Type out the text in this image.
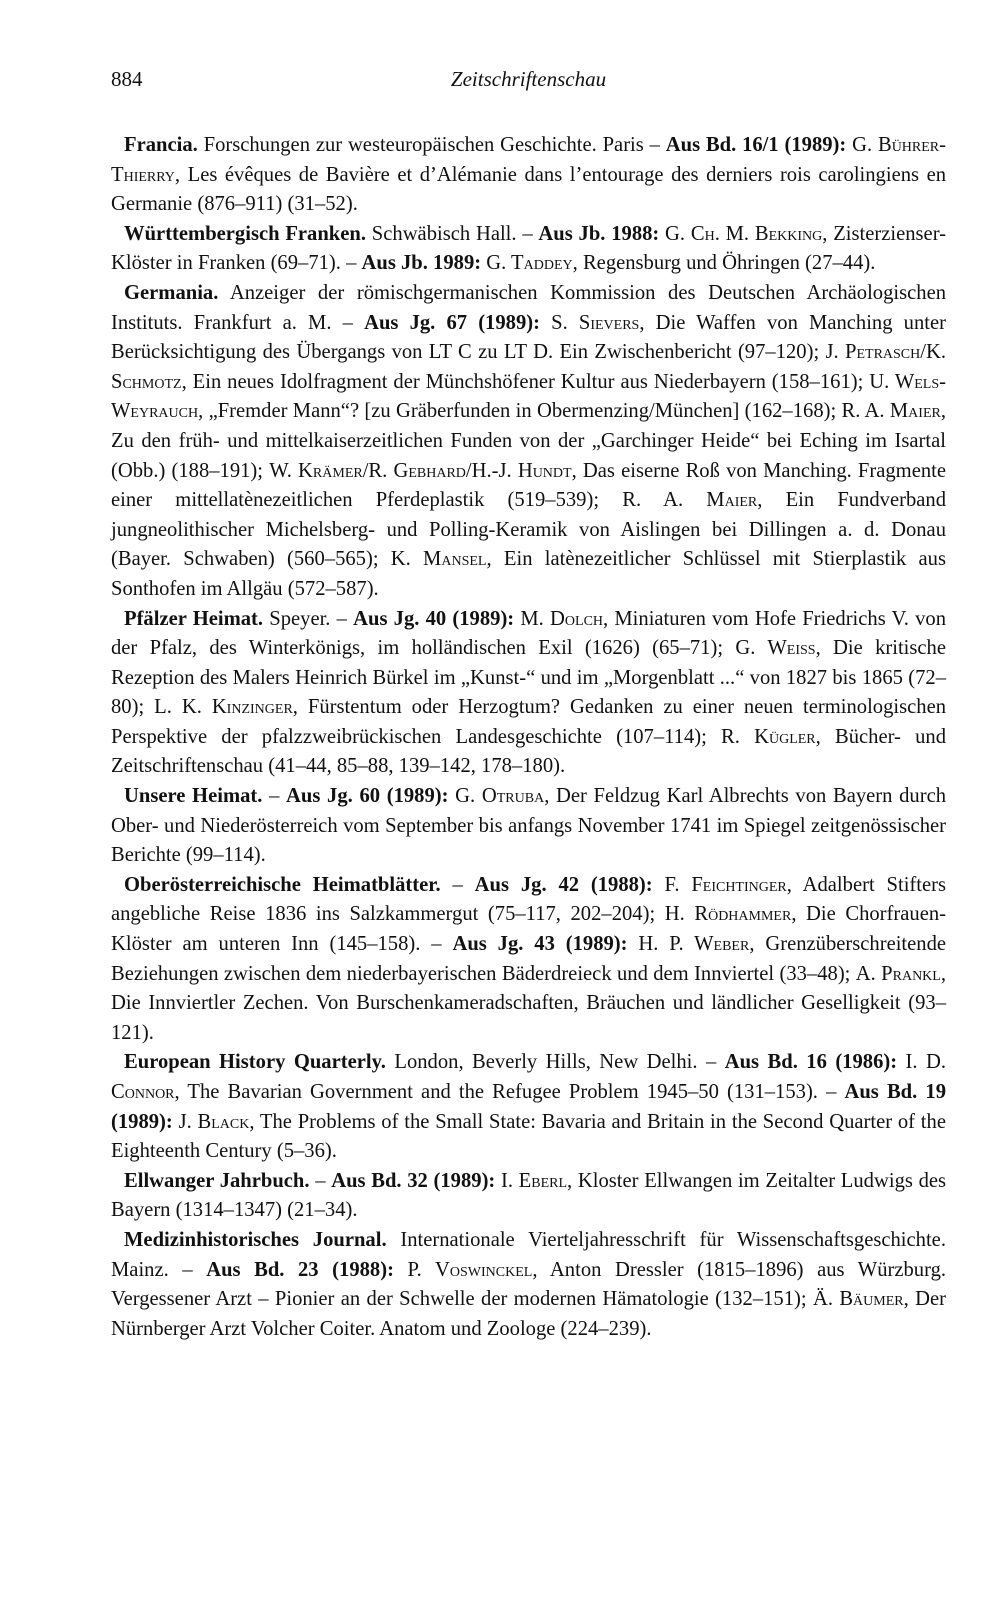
884	Zeitschriftenschau

Francia. Forschungen zur westeuropäischen Geschichte. Paris – Aus Bd. 16/1 (1989): G. Bührer-Thierry, Les évêques de Bavière et d’Alémanie dans l’entourage des derniers rois carolingiens en Germanie (876–911) (31–52).

Württembergisch Franken. Schwäbisch Hall. – Aus Jb. 1988: G. Ch. M. Bekking, Zisterzienser-Klöster in Franken (69–71). – Aus Jb. 1989: G. Taddey, Regensburg und Öhringen (27–44).

Germania. Anzeiger der römischgermanischen Kommission des Deutschen Archäologischen Instituts. Frankfurt a. M. – Aus Jg. 67 (1989): S. Sievers, Die Waffen von Manching unter Berücksichtigung des Übergangs von LT C zu LT D. Ein Zwischenbericht (97–120); J. Petrasch/K. Schmotz, Ein neues Idolfragment der Münchshöfener Kultur aus Niederbayern (158–161); U. Wels-Weyrauch, „Fremder Mann“? [zu Gräberfunden in Obermenzing/München] (162–168); R. A. Maier, Zu den früh- und mittelkaiserzeitlichen Funden von der „Garchinger Heide“ bei Eching im Isartal (Obb.) (188–191); W. Krämer/R. Gebhard/H.-J. Hundt, Das eiserne Roß von Manching. Fragmente einer mittellatènezeitlichen Pferdeplastik (519–539); R. A. Maier, Ein Fundverband jungneolithischer Michelsberg- und Polling-Keramik von Aislingen bei Dillingen a. d. Donau (Bayer. Schwaben) (560–565); K. Mansel, Ein latènezeitlicher Schlüssel mit Stierplastik aus Sonthofen im Allgäu (572–587).

Pfälzer Heimat. Speyer. – Aus Jg. 40 (1989): M. Dolch, Miniaturen vom Hofe Friedrichs V. von der Pfalz, des Winterkönigs, im holländischen Exil (1626) (65–71); G. Weiss, Die kritische Rezeption des Malers Heinrich Bürkel im „Kunst-“ und im „Morgenblatt ...“ von 1827 bis 1865 (72–80); L. K. Kinzinger, Fürstentum oder Herzogtum? Gedanken zu einer neuen terminologischen Perspektive der pfalzzweibrückischen Landesgeschichte (107–114); R. Kügler, Bücher- und Zeitschriftenschau (41–44, 85–88, 139–142, 178–180).

Unsere Heimat. – Aus Jg. 60 (1989): G. Otruba, Der Feldzug Karl Albrechts von Bayern durch Ober- und Niederösterreich vom September bis anfangs November 1741 im Spiegel zeitgenössischer Berichte (99–114).

Oberösterreichische Heimatblätter. – Aus Jg. 42 (1988): F. Feichtinger, Adalbert Stifters angebliche Reise 1836 ins Salzkammergut (75–117, 202–204); H. Rödhammer, Die Chorfrauen-Klöster am unteren Inn (145–158). – Aus Jg. 43 (1989): H. P. Weber, Grenzüberschreitende Beziehungen zwischen dem niederbayerischen Bäderdreieck und dem Innviertel (33–48); A. Prankl, Die Innviertler Zechen. Von Burschenkameradschaften, Bräuchen und ländlicher Geselligkeit (93–121).

European History Quarterly. London, Beverly Hills, New Delhi. – Aus Bd. 16 (1986): I. D. Connor, The Bavarian Government and the Refugee Problem 1945–50 (131–153). – Aus Bd. 19 (1989): J. Black, The Problems of the Small State: Bavaria and Britain in the Second Quarter of the Eighteenth Century (5–36).

Ellwanger Jahrbuch. – Aus Bd. 32 (1989): I. Eberl, Kloster Ellwangen im Zeitalter Ludwigs des Bayern (1314–1347) (21–34).

Medizinhistorisches Journal. Internationale Vierteljahresschrift für Wissenschaftsgeschichte. Mainz. – Aus Bd. 23 (1988): P. Voswinckel, Anton Dressler (1815–1896) aus Würzburg. Vergessener Arzt – Pionier an der Schwelle der modernen Hämatologie (132–151); Ä. Bäumer, Der Nürnberger Arzt Volcher Coiter. Anatom und Zoologe (224–239).
